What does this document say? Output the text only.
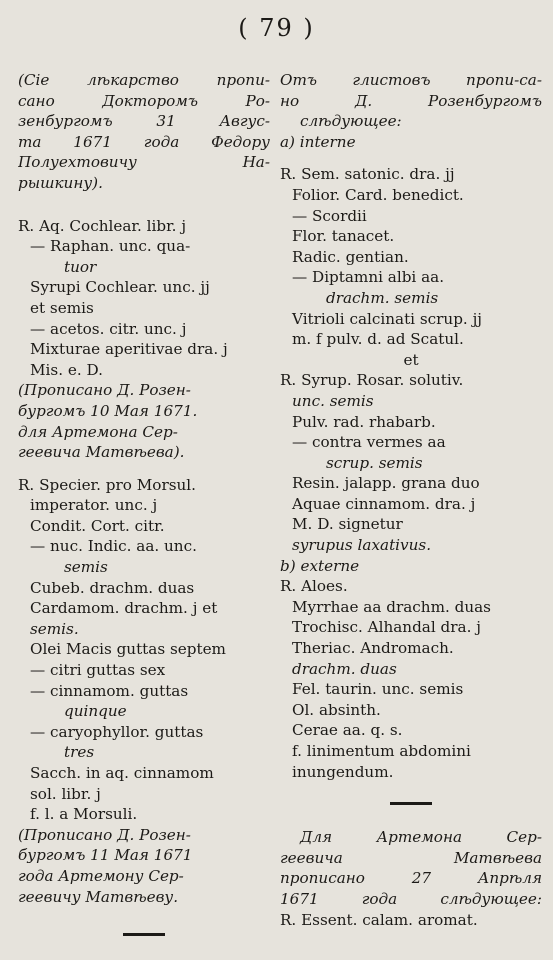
( 79 )
(Сiе лѣкарство пропи-
сано Докторомъ Ро-
зенбургомъ 31 Авгус-
та 1671 года Федору
Полуехтовичу На-
рышкину).
R. Aq. Cochlear. libr. j
— Raphan. unc. qua-
tuor
Syrupi Cochlear. unc. jj
et semis
— acetos. citr. unc. j
Mixturae aperitivae dra. j
Mis. e. D.
(Прописано Д. Розен-
бургомъ 10 Мая 1671.
для Артемона Сер-
геевича Матвѣева).
R. Specier. pro Morsul.
imperator. unc. j
Condit. Cort. citr.
— nuc. Indic. aa. unc.
semis
Cubeb. drachm. duas
Cardamom. drachm. j et
semis.
Olei Macis guttas septem
— citri guttas sex
— cinnamom. guttas
quinque
— caryophyllor. guttas
tres
Sacch. in aq. cinnamom
sol. libr. j
f. l. a Morsuli.
(Прописано Д. Розен-
бургомъ 11 Мая 1671
года Артемону Сер-
геевичу Матвѣеву.
Отъ глистовъ пропи-са-
но Д. Розенбургомъ
слѣдующее:
a) interne
R. Sem. satonic. dra. jj
Folior. Card. benedict.
— Scordii
Flor. tanacet.
Radic. gentian.
— Diptamni albi aa.
drachm. semis
Vitrioli calcinati scrup. jj
m. f pulv. d. ad Scatul.
et
R. Syrup. Rosar. solutiv.
unc. semis
Pulv. rad. rhabarb.
— contra vermes aa
scrup. semis
Resin. jalapp. grana duo
Aquae cinnamom. dra. j
M. D. signetur
syrupus laxativus.
b) externe
R. Aloes.
Myrrhae aa drachm. duas
Trochisc. Alhandal dra. j
Theriac. Andromach.
drachm. duas
Fel. taurin. unc. semis
Ol. absinth.
Cerae aa. q. s.
f. linimentum abdomini
inungendum.
Для Артемона Сер-
геевича Матвѣева
прописано 27 Апрѣля
1671 года слѣдующее:
R. Essent. calam. aromat.
